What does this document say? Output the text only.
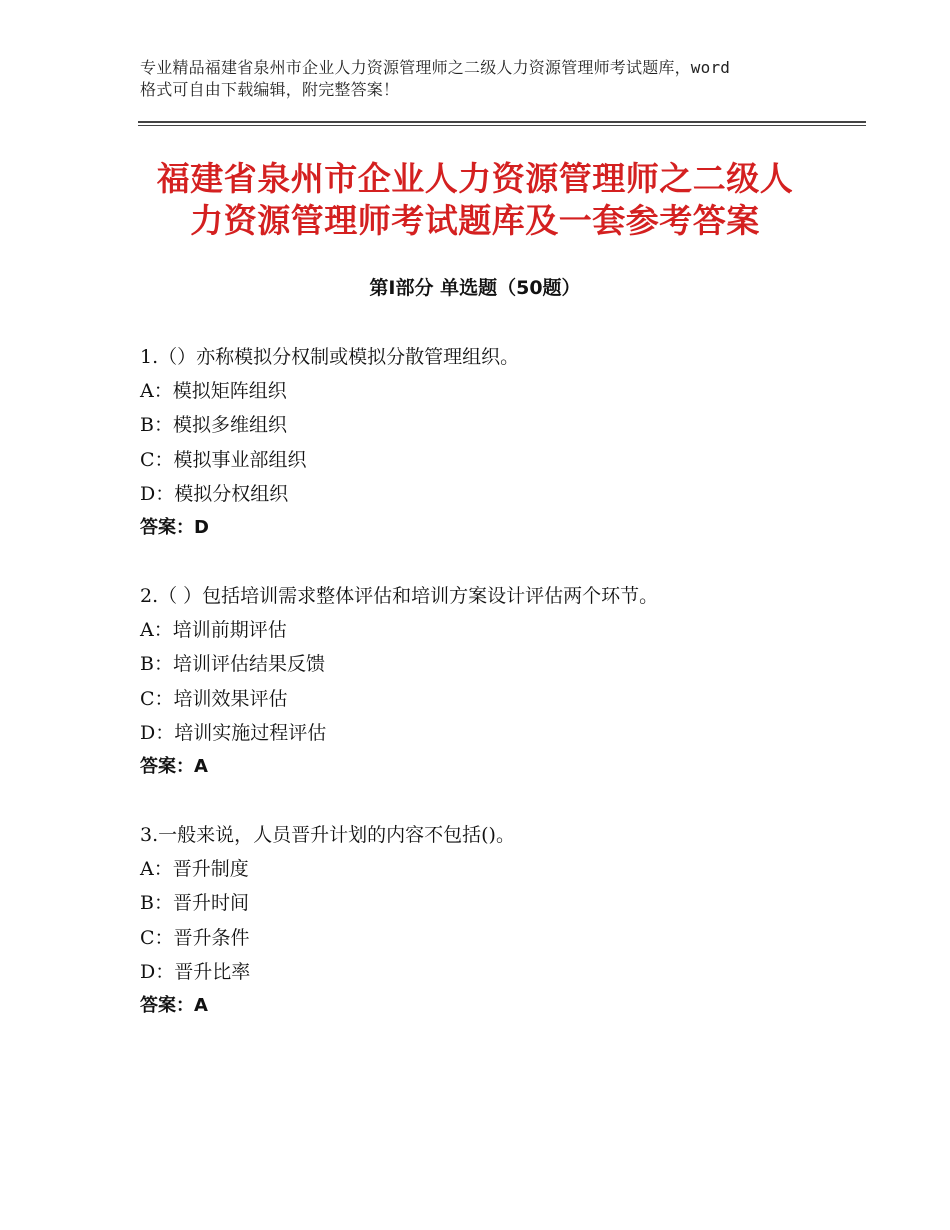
专业精品福建省泉州市企业人力资源管理师之二级人力资源管理师考试题库，word
格式可自由下载编辑，附完整答案！
福建省泉州市企业人力资源管理师之二级人
力资源管理师考试题库及一套参考答案
第Ⅰ部分 单选题（50题）
1.（）亦称模拟分权制或模拟分散管理组织。
A：模拟矩阵组织
B：模拟多维组织
C：模拟事业部组织
D：模拟分权组织
答案：D
2.（ ）包括培训需求整体评估和培训方案设计评估两个环节。
A：培训前期评估
B：培训评估结果反馈
C：培训效果评估
D：培训实施过程评估
答案：A
3.一般来说，人员晋升计划的内容不包括()。
A：晋升制度
B：晋升时间
C：晋升条件
D：晋升比率
答案：A
